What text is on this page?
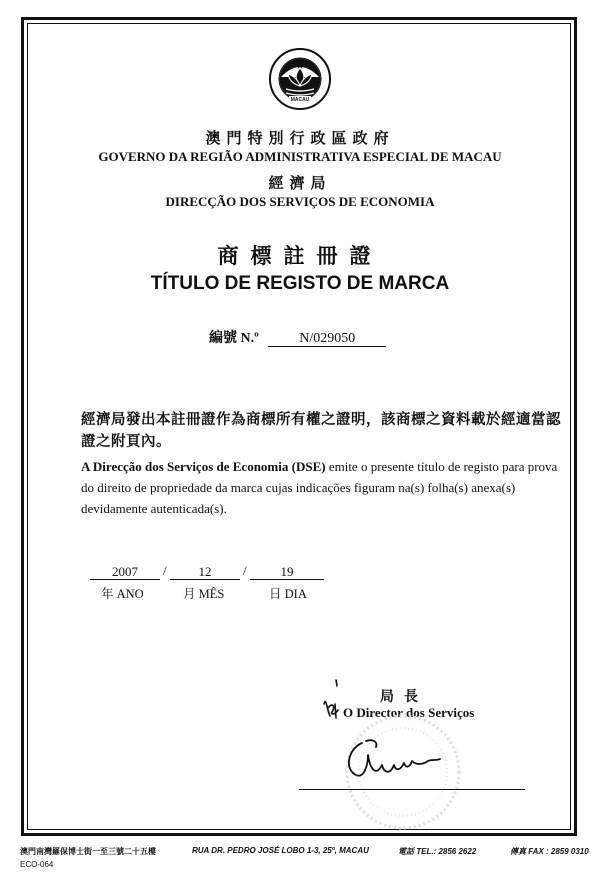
MACAU
澳門特別行政區政府
GOVERNO DA REGIÃO ADMINISTRATIVA ESPECIAL DE MACAU
經濟局
DIRECÇÃO DOS SERVIÇOS DE ECONOMIA
商標註冊證
TÍTULO DE REGISTO DE MARCA
編號 N.º	N/029050
經濟局發出本註冊證作為商標所有權之證明，該商標之資料載於經適當認證之附頁內。
A Direcção dos Serviços de Economia (DSE) emite o presente título de registo para prova do direito de propriedade da marca cujas indicações figuram na(s) folha(s) anexa(s) devidamente autenticada(s).
2007	/	12	/	19
年 ANO	月 MÊS	日 DIA
局長
O Director dos Serviços
澳門南灣羅保博士街一至三號二十五樓	RUA DR. PEDRO JOSÉ LOBO 1-3, 25º, MACAU	電話 TEL.: 2856 2622	傳真 FAX : 2859 0310
ECO-064
